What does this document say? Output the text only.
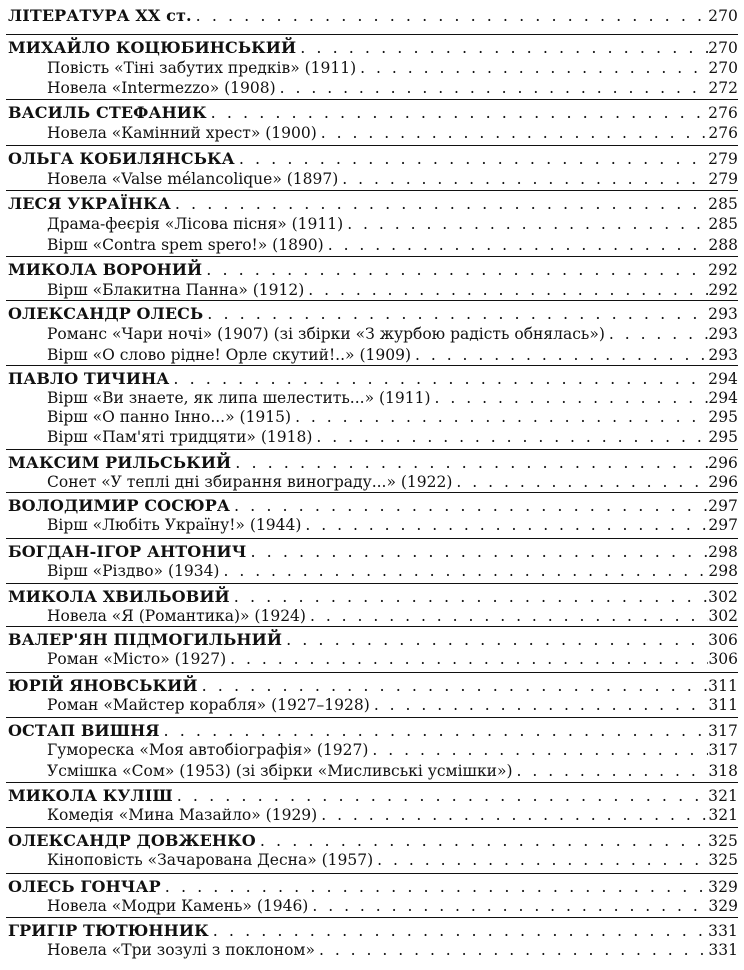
ЛІТЕРАТУРА ХХ ст. . . .	270
МИХАЙЛО КОЦЮБИНСЬКИЙ . . .	270
Повість «Тіні забутих предків» (1911) . . .	270
Новела «Intermezzo» (1908) . . .	272
ВАСИЛЬ СТЕФАНИК . . .	276
Новела «Камінний хрест» (1900) . . .	276
ОЛЬГА КОБИЛЯНСЬКА . . .	279
Новела «Valse mélancolique» (1897) . . .	279
ЛЕСЯ УКРАЇНКА . . .	285
Драма-феєрія «Лісова пісня» (1911) . . .	285
Вірш «Contra spem spero!» (1890) . . .	288
МИКОЛА ВОРОНИЙ . . .	292
Вірш «Блакитна Панна» (1912) . . .	292
ОЛЕКСАНДР ОЛЕСЬ . . .	293
Романс «Чари ночі» (1907) (зі збірки «З журбою радість обнялась») . . .	293
Вірш «О слово рідне! Орле скутий!..» (1909) . . .	293
ПАВЛО ТИЧИНА . . .	294
Вірш «Ви знаете, як липа шелестить...» (1911) . . .	294
Вірш «О панно Інно...» (1915) . . .	295
Вірш «Пам'яті тридцяти» (1918) . . .	295
МАКСИМ РИЛЬСЬКИЙ . . .	296
Сонет «У теплі дні збирання винограду...» (1922) . . .	296
ВОЛОДИМИР СОСЮРА . . .	297
Вірш «Любіть Україну!» (1944) . . .	297
БОГДАН-ІГОР АНТОНИЧ . . .	298
Вірш «Різдво» (1934) . . .	298
МИКОЛА ХВИЛЬОВИЙ . . .	302
Новела «Я (Романтика)» (1924) . . .	302
ВАЛЕР'ЯН ПІДМОГИЛЬНИЙ . . .	306
Роман «Місто» (1927) . . .	306
ЮРІЙ ЯНОВСЬКИЙ . . .	311
Роман «Майстер корабля» (1927–1928) . . .	311
ОСТАП ВИШНЯ . . .	317
Гумореска «Моя автобіографія» (1927) . . .	317
Усмішка «Сом» (1953) (зі збірки «Мисливські усмішки») . . .	318
МИКОЛА КУЛІШ . . .	321
Комедія «Мина Мазайло» (1929) . . .	321
ОЛЕКСАНДР ДОВЖЕНКО . . .	325
Кіноповість «Зачарована Десна» (1957) . . .	325
ОЛЕСЬ ГОНЧАР . . .	329
Новела «Модри Камень» (1946) . . .	329
ГРИГІР ТЮТЮННИК . . .	331
Новела «Три зозулі з поклоном» . . .	331
